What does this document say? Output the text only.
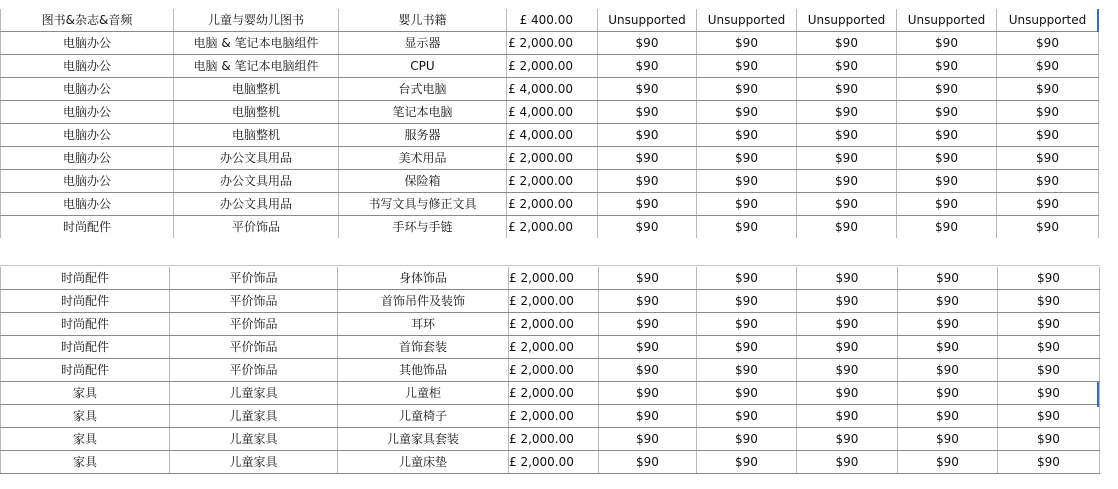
图书&杂志&音频	儿童与婴幼儿图书	婴儿书籍	£ 400.00	Unsupported	Unsupported	Unsupported	Unsupported	Unsupported
电脑办公	电脑 & 笔记本电脑组件	显示器	£ 2,000.00	$90	$90	$90	$90	$90
电脑办公	电脑 & 笔记本电脑组件	CPU	£ 2,000.00	$90	$90	$90	$90	$90
电脑办公	电脑整机	台式电脑	£ 4,000.00	$90	$90	$90	$90	$90
电脑办公	电脑整机	笔记本电脑	£ 4,000.00	$90	$90	$90	$90	$90
电脑办公	电脑整机	服务器	£ 4,000.00	$90	$90	$90	$90	$90
电脑办公	办公文具用品	美术用品	£ 2,000.00	$90	$90	$90	$90	$90
电脑办公	办公文具用品	保险箱	£ 2,000.00	$90	$90	$90	$90	$90
电脑办公	办公文具用品	书写文具与修正文具	£ 2,000.00	$90	$90	$90	$90	$90
时尚配件	平价饰品	手环与手链	£ 2,000.00	$90	$90	$90	$90	$90
时尚配件	平价饰品	身体饰品	£ 2,000.00	$90	$90	$90	$90	$90
时尚配件	平价饰品	首饰吊件及装饰	£ 2,000.00	$90	$90	$90	$90	$90
时尚配件	平价饰品	耳环	£ 2,000.00	$90	$90	$90	$90	$90
时尚配件	平价饰品	首饰套装	£ 2,000.00	$90	$90	$90	$90	$90
时尚配件	平价饰品	其他饰品	£ 2,000.00	$90	$90	$90	$90	$90
家具	儿童家具	儿童柜	£ 2,000.00	$90	$90	$90	$90	$90
家具	儿童家具	儿童椅子	£ 2,000.00	$90	$90	$90	$90	$90
家具	儿童家具	儿童家具套装	£ 2,000.00	$90	$90	$90	$90	$90
家具	儿童家具	儿童床垫	£ 2,000.00	$90	$90	$90	$90	$90
· · · · ·
